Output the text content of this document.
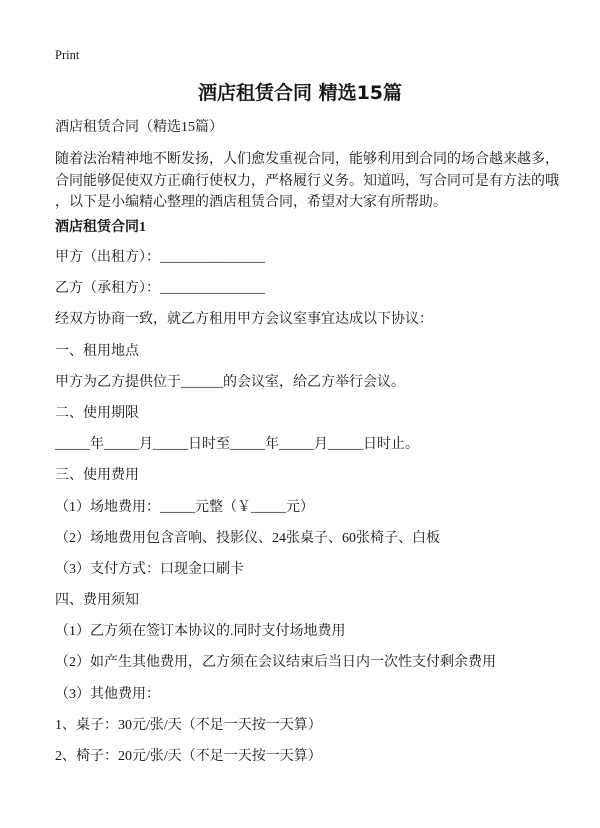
Print
酒店租赁合同 精选15篇
酒店租赁合同（精选15篇）
随着法治精神地不断发扬，人们愈发重视合同，能够利用到合同的场合越来越多，
合同能够促使双方正确行使权力，严格履行义务。知道吗，写合同可是有方法的哦
，以下是小编精心整理的酒店租赁合同，希望对大家有所帮助。
酒店租赁合同1
甲方（出租方）：_______________
乙方（承租方）：_______________
经双方协商一致，就乙方租用甲方会议室事宜达成以下协议：
一、租用地点
甲方为乙方提供位于______的会议室，给乙方举行会议。
二、使用期限
_____年_____月_____日时至_____年_____月_____日时止。
三、使用费用
（1）场地费用：_____元整（￥_____元）
（2）场地费用包含音响、投影仪、24张桌子、60张椅子、白板
（3）支付方式：口现金口刷卡
四、费用须知
（1）乙方须在签订本协议的.同时支付场地费用
（2）如产生其他费用，乙方须在会议结束后当日内一次性支付剩余费用
（3）其他费用：
1、桌子：30元/张/天（不足一天按一天算）
2、椅子：20元/张/天（不足一天按一天算）
